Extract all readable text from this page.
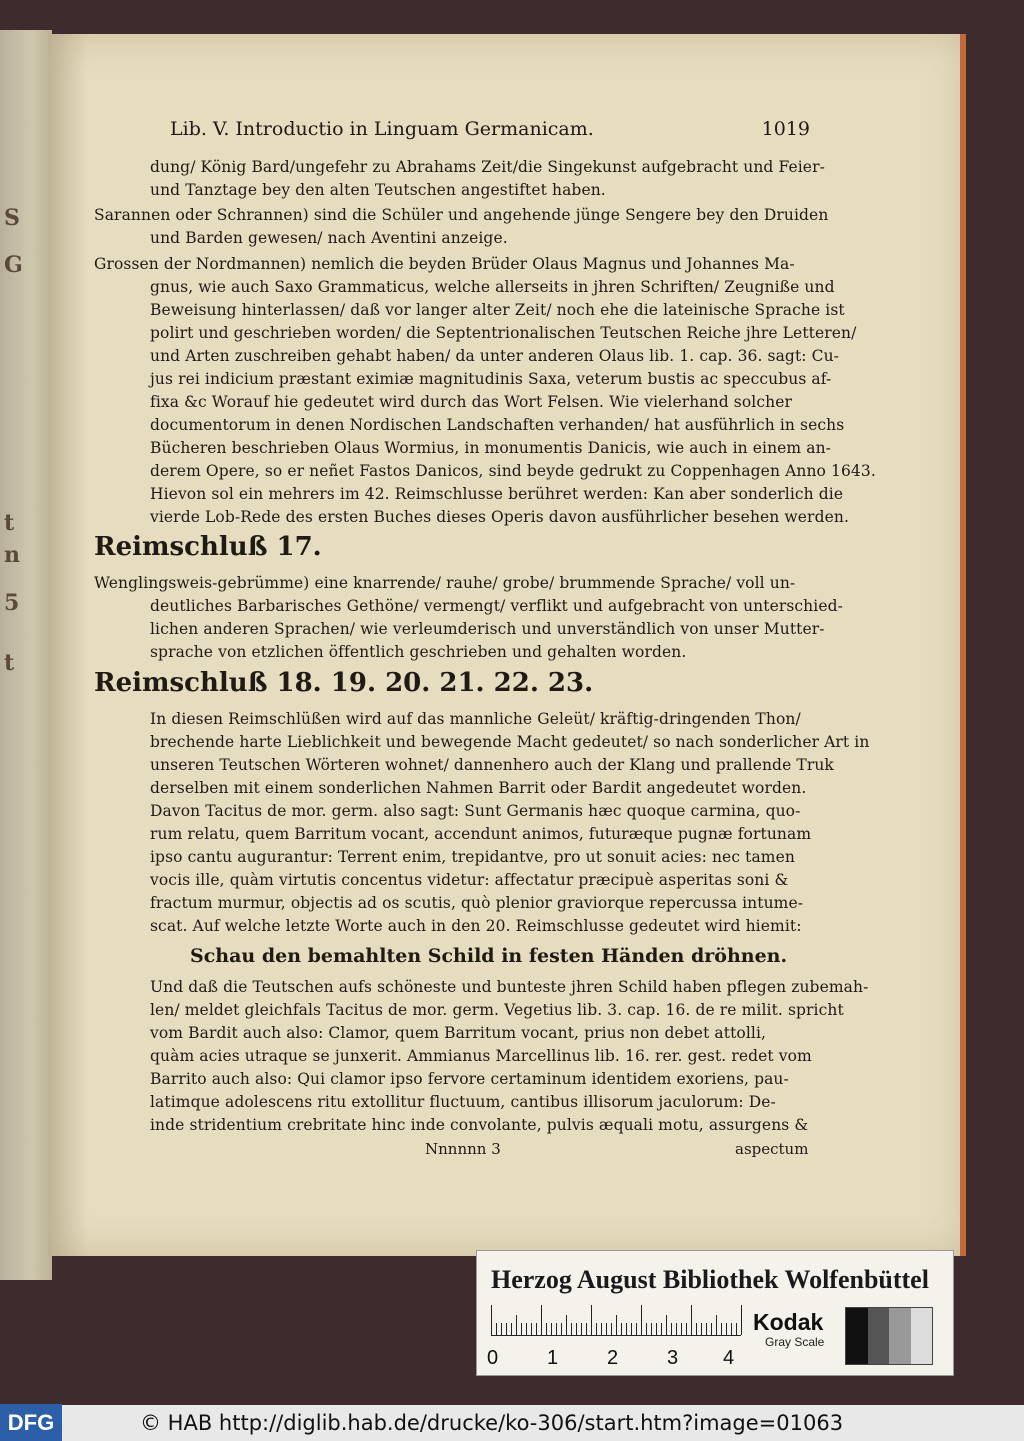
S
G
t
n
5
t
Lib. V. Introductio in Linguam Germanicam.	1019
dung/ König Bard/ungefehr zu Abrahams Zeit/die Singekunst aufgebracht und Feier-
und Tanztage bey den alten Teutschen angestiftet haben.
Sarannen oder Schrannen) sind die Schüler und angehende jünge Sengere bey den Druiden
und Barden gewesen/ nach Aventini anzeige.
Grossen der Nordmannen) nemlich die beyden Brüder Olaus Magnus und Johannes Ma-
gnus, wie auch Saxo Grammaticus, welche allerseits in jhren Schriften/ Zeugniße und
Beweisung hinterlassen/ daß vor langer alter Zeit/ noch ehe die lateinische Sprache ist
polirt und geschrieben worden/ die Septentrionalischen Teutschen Reiche jhre Letteren/
und Arten zuschreiben gehabt haben/ da unter anderen Olaus lib. 1. cap. 36. sagt: Cu-
jus rei indicium præstant eximiæ magnitudinis Saxa, veterum bustis ac speccubus af-
fixa &c Worauf hie gedeutet wird durch das Wort Felsen. Wie vielerhand solcher
documentorum in denen Nordischen Landschaften verhanden/ hat ausführlich in sechs
Bücheren beschrieben Olaus Wormius, in monumentis Danicis, wie auch in einem an-
derem Opere, so er neñet Fastos Danicos, sind beyde gedrukt zu Coppenhagen Anno 1643.
Hievon sol ein mehrers im 42. Reimschlusse berühret werden: Kan aber sonderlich die
vierde Lob-Rede des ersten Buches dieses Operis davon ausführlicher besehen werden.
Reimschluß 17.
Wenglingsweis-gebrümme) eine knarrende/ rauhe/ grobe/ brummende Sprache/ voll un-
deutliches Barbarisches Gethöne/ vermengt/ verflikt und aufgebracht von unterschied-
lichen anderen Sprachen/ wie verleumderisch und unverständlich von unser Mutter-
sprache von etzlichen öffentlich geschrieben und gehalten worden.
Reimschluß 18. 19. 20. 21. 22. 23.
In diesen Reimschlüßen wird auf das mannliche Geleüt/ kräftig-dringenden Thon/
brechende harte Lieblichkeit und bewegende Macht gedeutet/ so nach sonderlicher Art in
unseren Teutschen Wörteren wohnet/ dannenhero auch der Klang und prallende Truk
derselben mit einem sonderlichen Nahmen Barrit oder Bardit angedeutet worden.
Davon Tacitus de mor. germ. also sagt: Sunt Germanis hæc quoque carmina, quo-
rum relatu, quem Barritum vocant, accendunt animos, futuræque pugnæ fortunam
ipso cantu augurantur: Terrent enim, trepidantve, pro ut sonuit acies: nec tamen
vocis ille, quàm virtutis concentus videtur: affectatur præcipuè asperitas soni &
fractum murmur, objectis ad os scutis, quò plenior graviorque repercussa intume-
scat. Auf welche letzte Worte auch in den 20. Reimschlusse gedeutet wird hiemit:
Schau den bemahlten Schild in festen Händen dröhnen.
Und daß die Teutschen aufs schöneste und bunteste jhren Schild haben pflegen zubemah-
len/ meldet gleichfals Tacitus de mor. germ. Vegetius lib. 3. cap. 16. de re milit. spricht
vom Bardit auch also: Clamor, quem Barritum vocant, prius non debet attolli,
quàm acies utraque se junxerit. Ammianus Marcellinus lib. 16. rer. gest. redet vom
Barrito auch also: Qui clamor ipso fervore certaminum identidem exoriens, pau-
latimque adolescens ritu extollitur fluctuum, cantibus illisorum jaculorum: De-
inde stridentium crebritate hinc inde convolante, pulvis æquali motu, assurgens &
Nnnnnn 3	aspectum
Herzog August Bibliothek Wolfenbüttel
0 1 2 3 4
Kodak
Gray Scale
DFG	© HAB http://diglib.hab.de/drucke/ko-306/start.htm?image=01063
